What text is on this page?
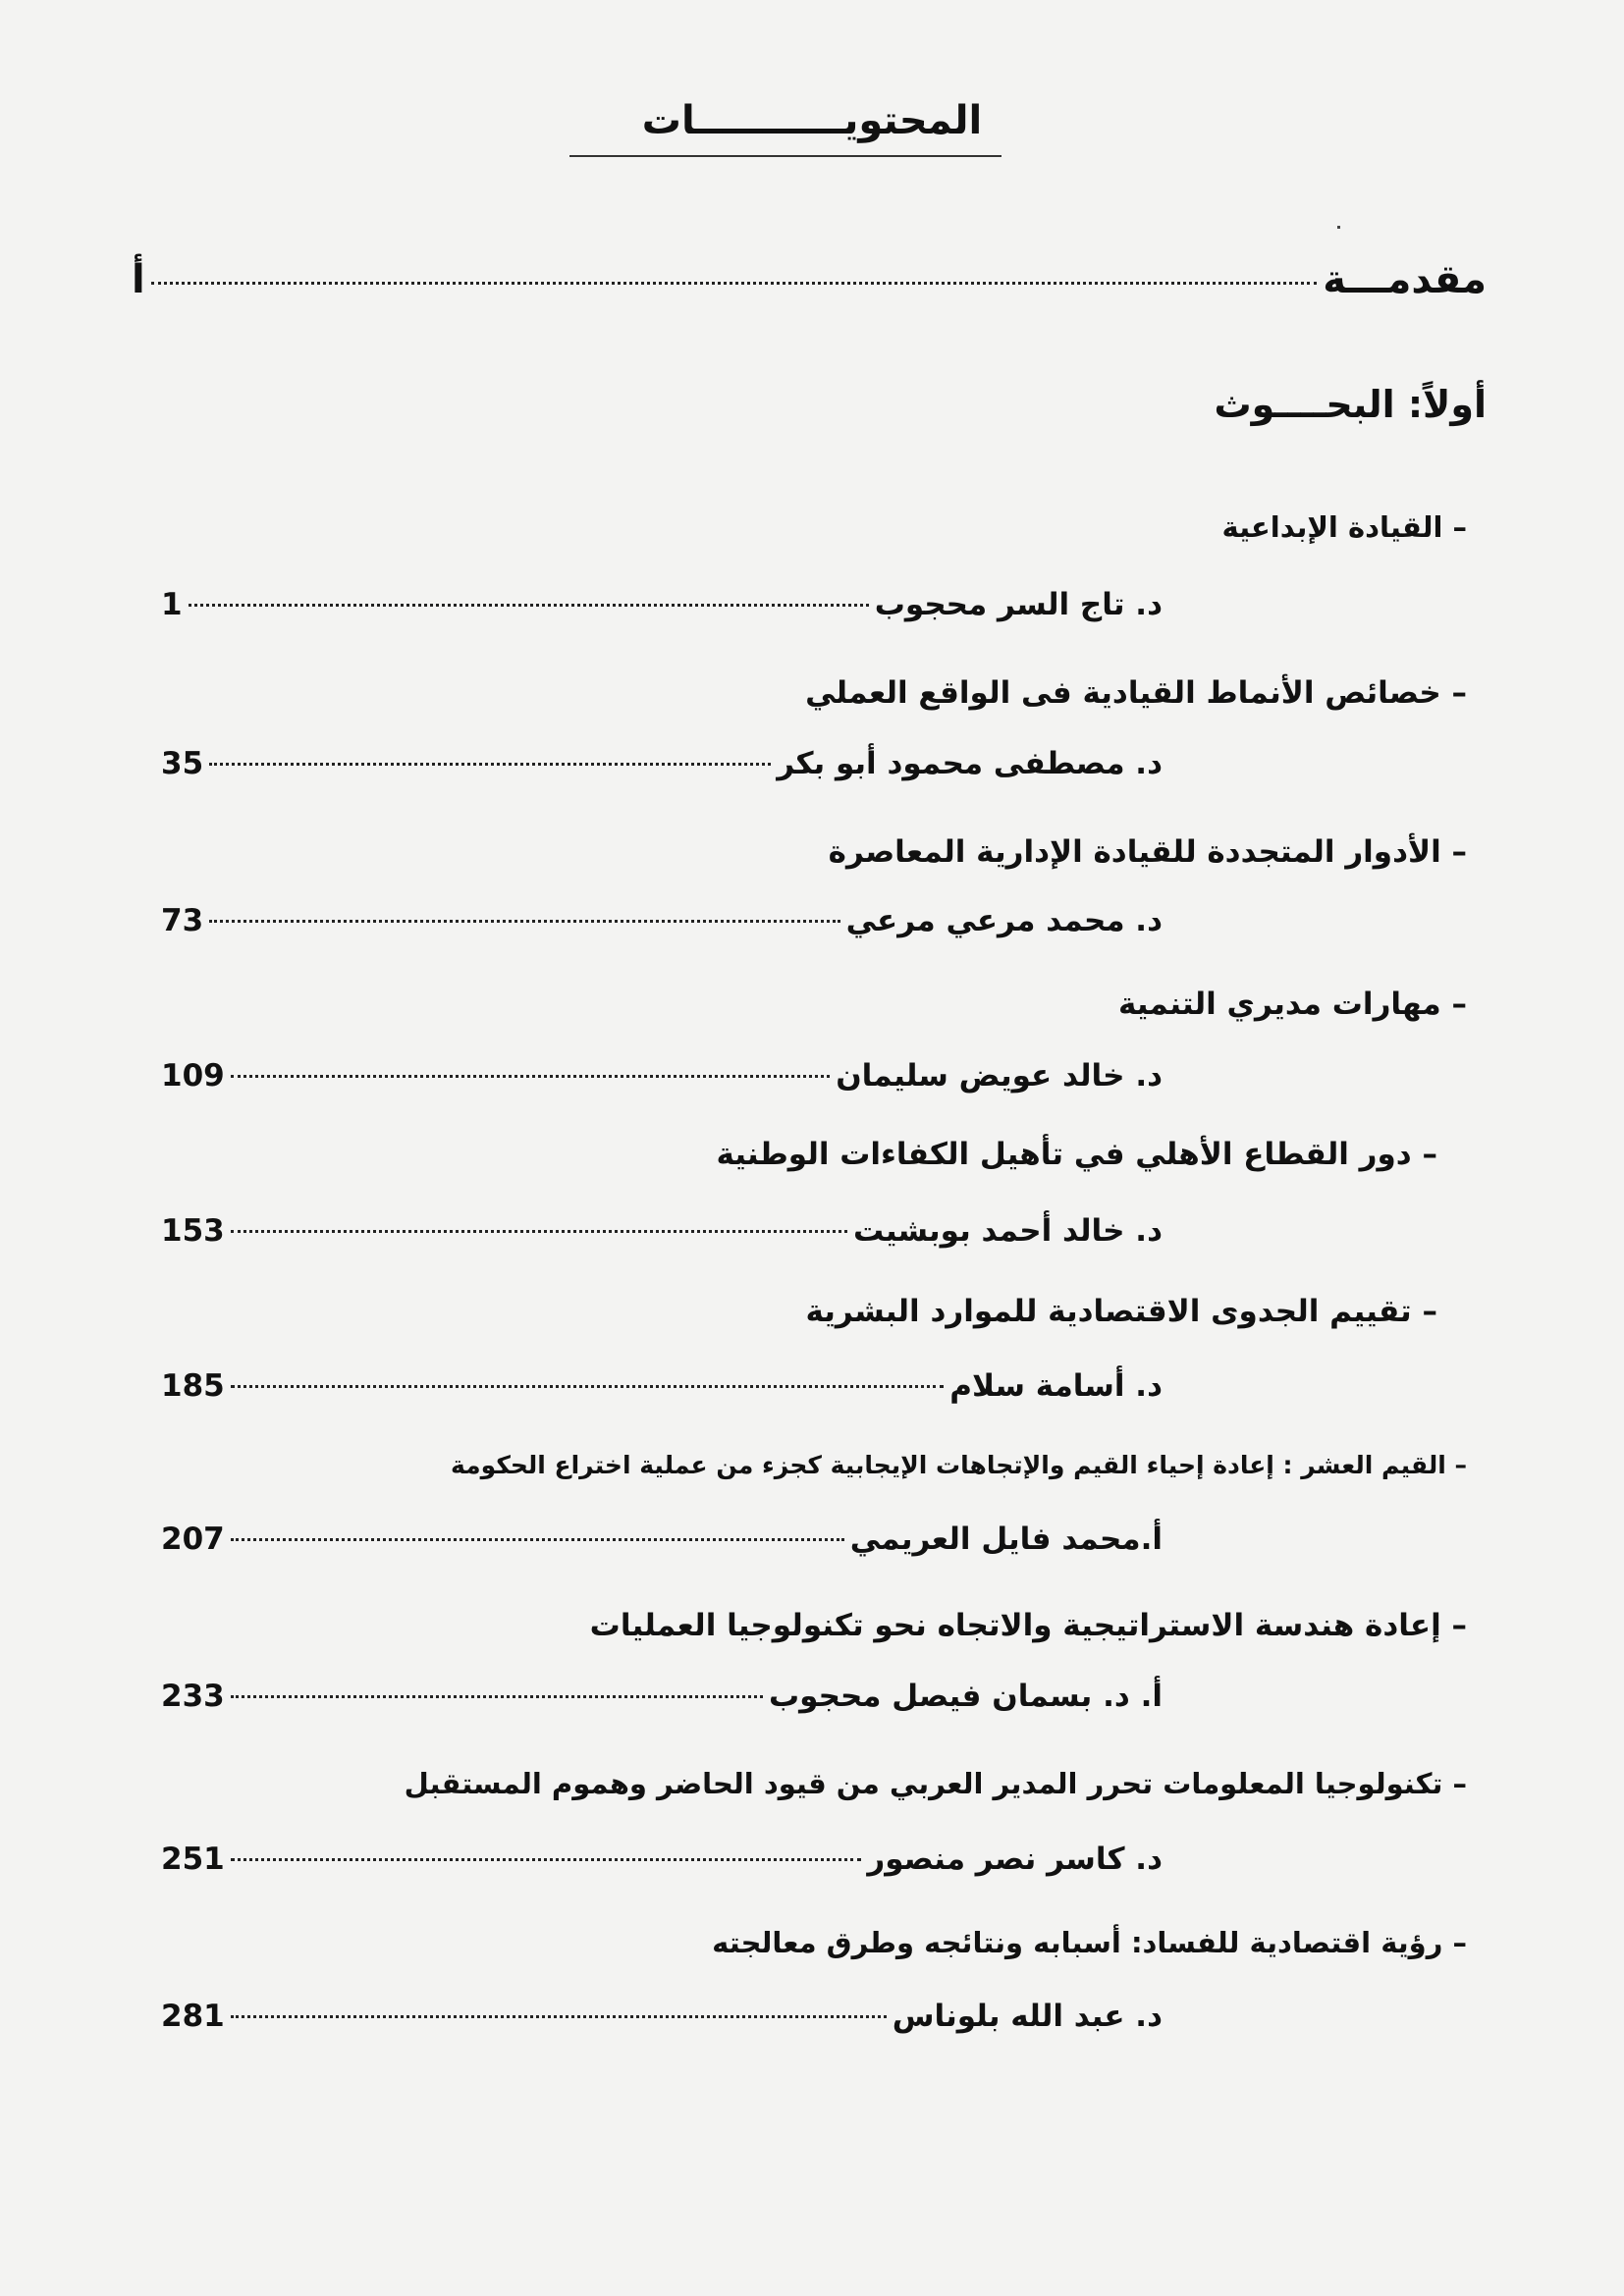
المحتويـــــــــــات
مقدمـــة
أ
أولاً: البحــــوث
– القيادة الإبداعية
د. تاج السر محجوب
1
– خصائص الأنماط القيادية فى الواقع العملي
د. مصطفى محمود أبو بكر
35
– الأدوار المتجددة للقيادة الإدارية المعاصرة
د. محمد مرعي مرعي
73
– مهارات مديري التنمية
د. خالد عويض سليمان
109
– دور القطاع الأهلي في تأهيل الكفاءات الوطنية
د. خالد أحمد بوبشيت
153
– تقييم الجدوى الاقتصادية للموارد البشرية
د. أسامة سلام
185
– القيم العشر : إعادة إحياء القيم والإتجاهات الإيجابية كجزء من عملية اختراع الحكومة
أ.محمد فايل العريمي
207
– إعادة هندسة الاستراتيجية والاتجاه نحو تكنولوجيا العمليات
أ. د. بسمان فيصل محجوب
233
– تكنولوجيا المعلومات تحرر المدير العربي من قيود الحاضر وهموم المستقبل
د. كاسر نصر منصور
251
– رؤية اقتصادية للفساد: أسبابه ونتائجه وطرق معالجته
د. عبد الله بلوناس
281
